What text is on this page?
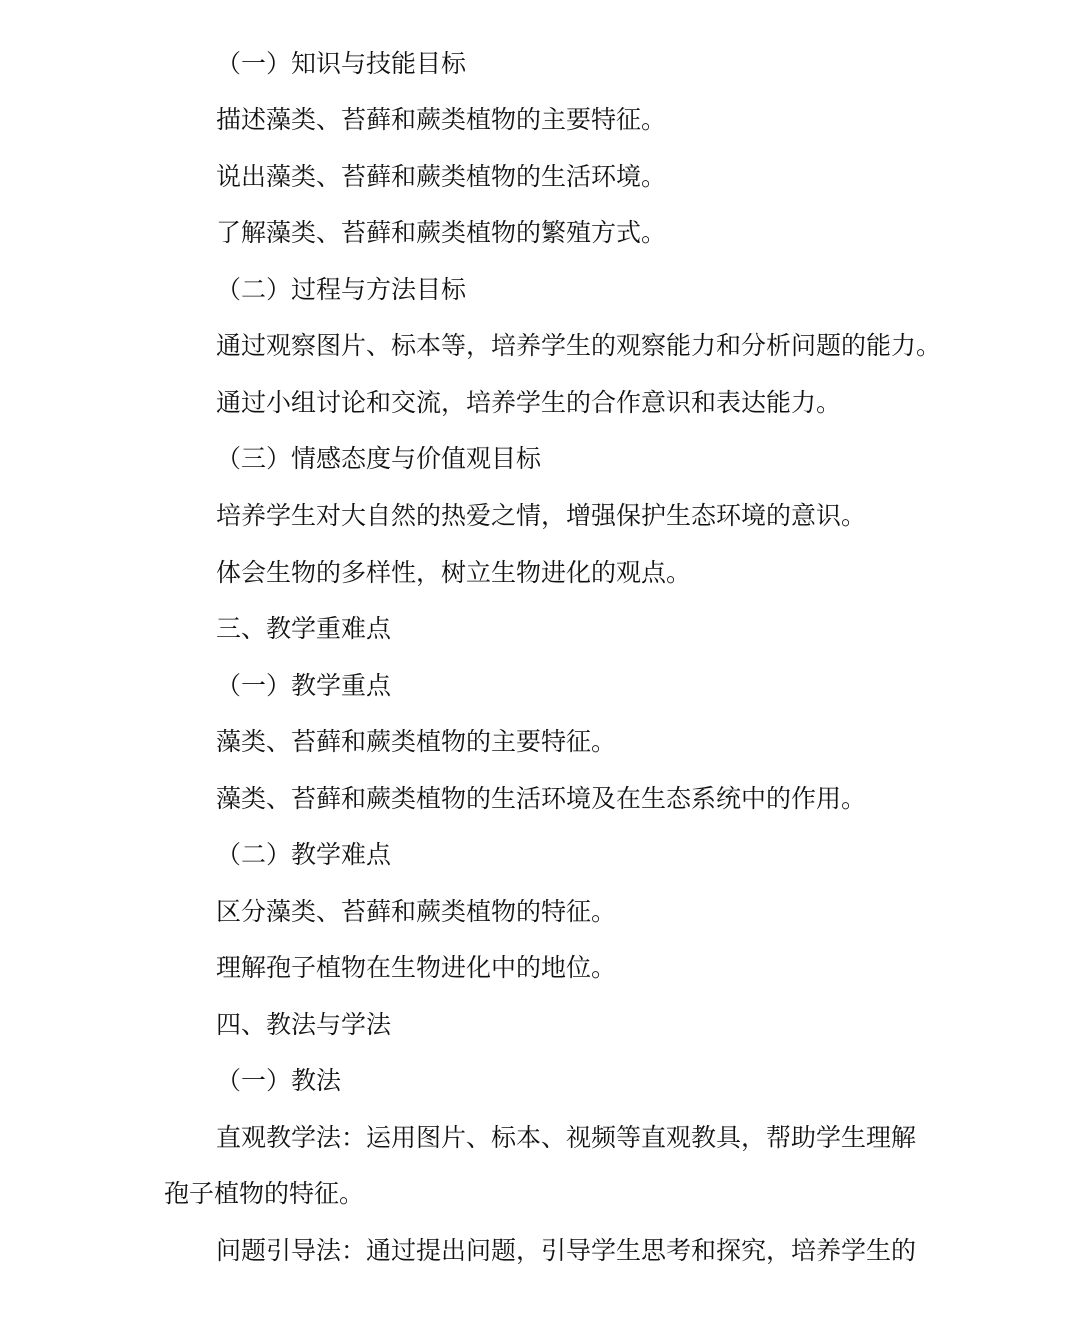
（一）知识与技能目标
描述藻类、苔藓和蕨类植物的主要特征。
说出藻类、苔藓和蕨类植物的生活环境。
了解藻类、苔藓和蕨类植物的繁殖方式。
（二）过程与方法目标
通过观察图片、标本等，培养学生的观察能力和分析问题的能力。
通过小组讨论和交流，培养学生的合作意识和表达能力。
（三）情感态度与价值观目标
培养学生对大自然的热爱之情，增强保护生态环境的意识。
体会生物的多样性，树立生物进化的观点。
三、教学重难点
（一）教学重点
藻类、苔藓和蕨类植物的主要特征。
藻类、苔藓和蕨类植物的生活环境及在生态系统中的作用。
（二）教学难点
区分藻类、苔藓和蕨类植物的特征。
理解孢子植物在生物进化中的地位。
四、教法与学法
（一）教法
直观教学法：运用图片、标本、视频等直观教具，帮助学生理解
孢子植物的特征。
问题引导法：通过提出问题，引导学生思考和探究，培养学生的
